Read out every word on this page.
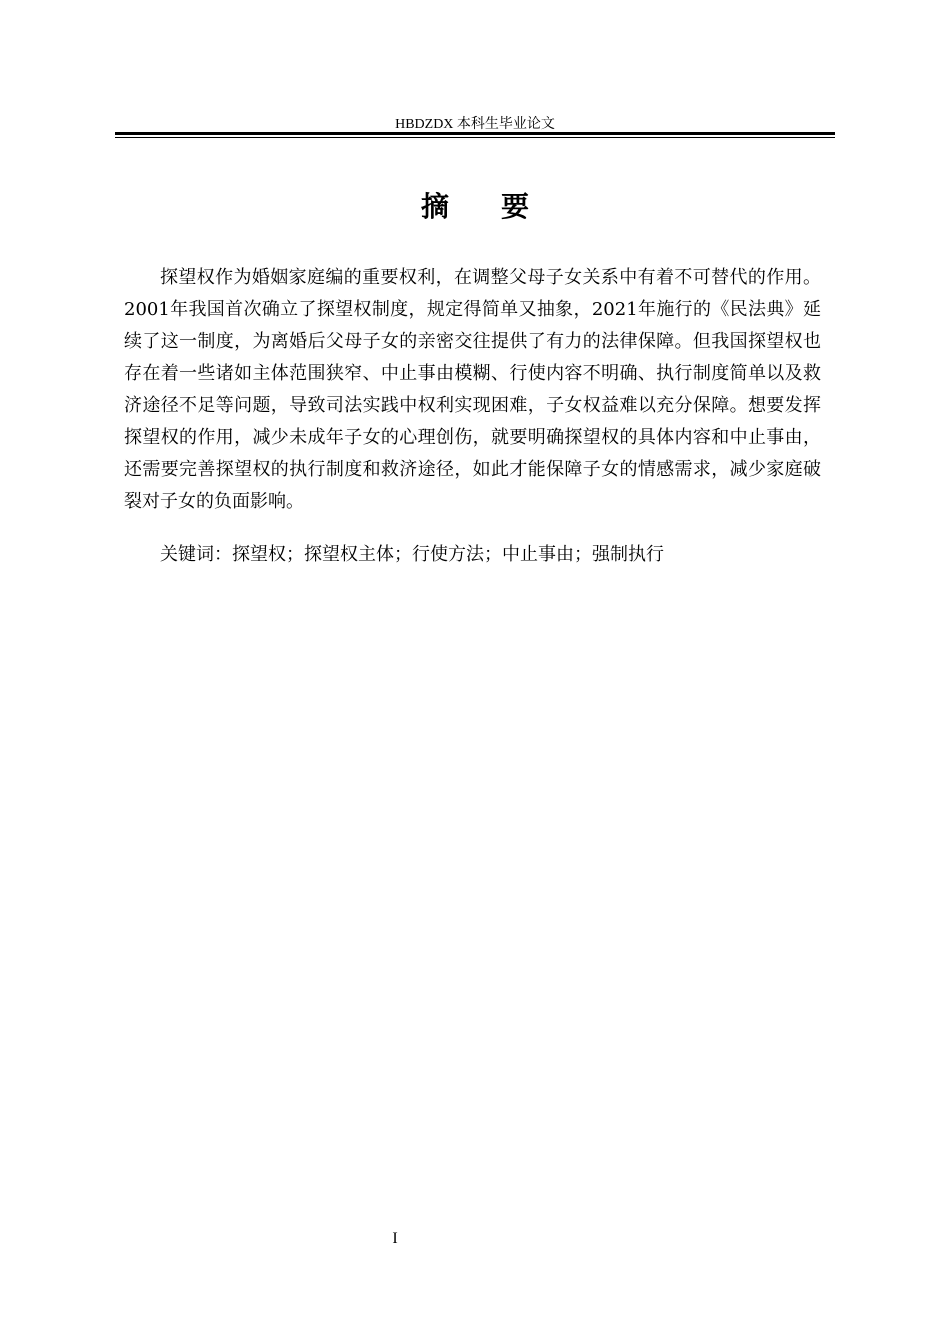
HBDZDX 本科生毕业论文
摘要

探望权作为婚姻家庭编的重要权利，在调整父母子女关系中有着不可替代的作用。2001年我国首次确立了探望权制度，规定得简单又抽象，2021年施行的《民法典》延续了这一制度，为离婚后父母子女的亲密交往提供了有力的法律保障。但我国探望权也存在着一些诸如主体范围狭窄、中止事由模糊、行使内容不明确、执行制度简单以及救济途径不足等问题，导致司法实践中权利实现困难，子女权益难以充分保障。想要发挥探望权的作用，减少未成年子女的心理创伤，就要明确探望权的具体内容和中止事由，还需要完善探望权的执行制度和救济途径，如此才能保障子女的情感需求，减少家庭破裂对子女的负面影响。

关键词：探望权；探望权主体；行使方法；中止事由；强制执行
I
